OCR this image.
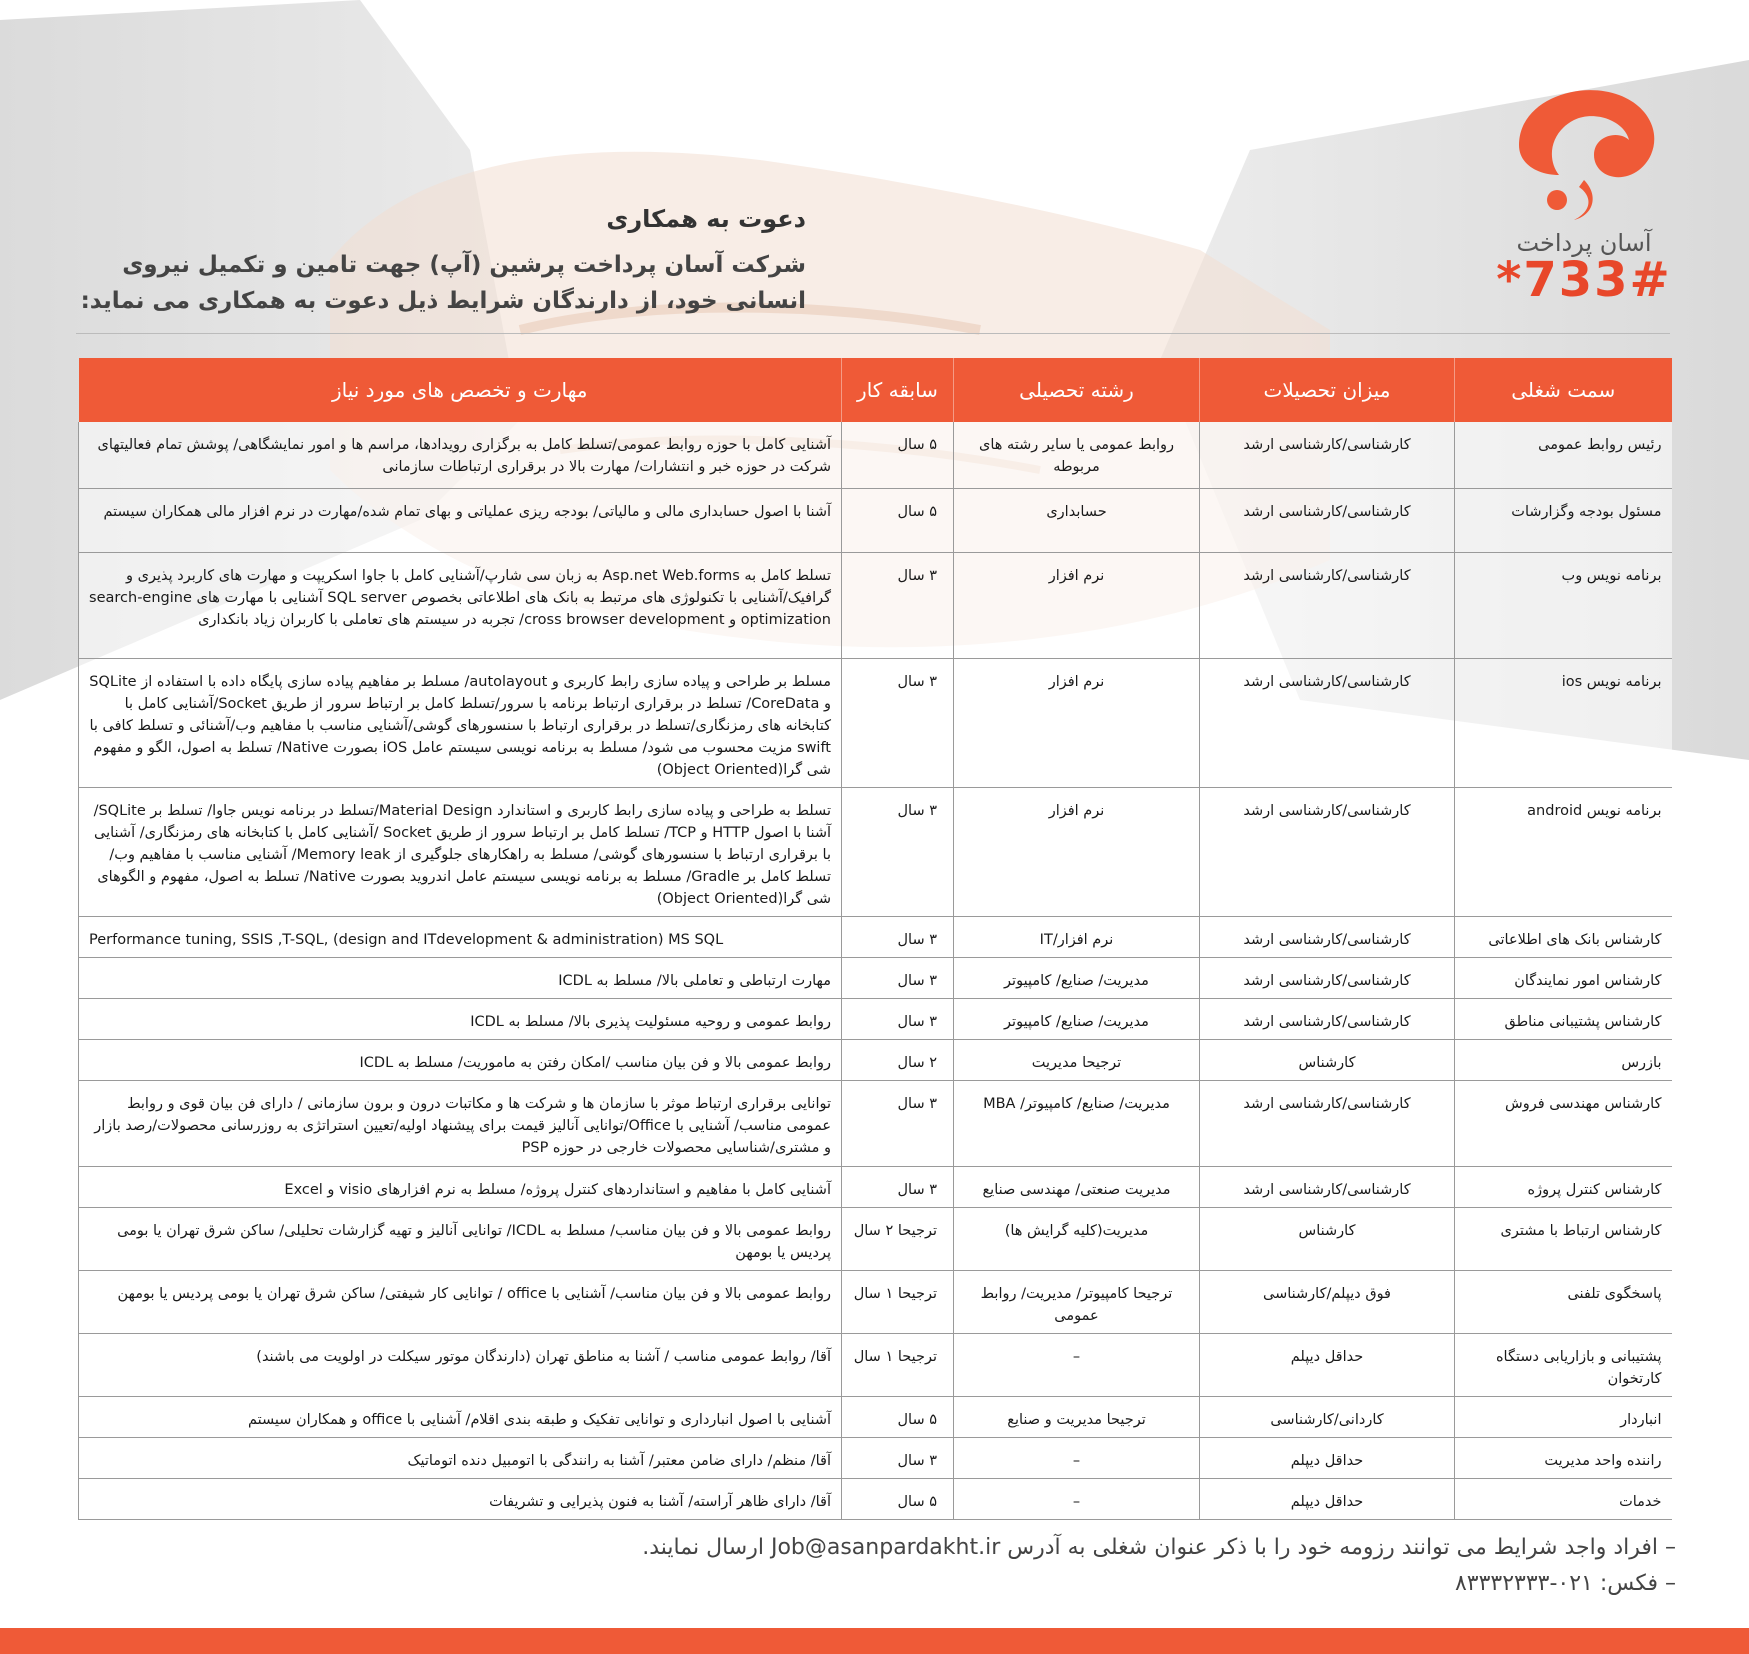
آسان پرداخت
*733#
دعوت به همکاری
شرکت آسان پرداخت پرشین (آپ) جهت تامین و تکمیل نیروی انسانی خود، از دارندگان شرایط ذیل دعوت به همکاری می نماید:
سمت شغلی	میزان تحصیلات	رشته تحصیلی	سابقه کار	مهارت و تخصص های مورد نیاز
رئیس روابط عمومی	کارشناسی/کارشناسی ارشد	روابط عمومی یا سایر رشته های مربوطه	۵ سال	آشنایی کامل با حوزه روابط عمومی/تسلط کامل به برگزاری رویدادها، مراسم ها و امور نمایشگاهی/ پوشش تمام فعالیتهای شرکت در حوزه خبر و انتشارات/ مهارت بالا در برقراری ارتباطات سازمانی
مسئول بودجه وگزارشات	کارشناسی/کارشناسی ارشد	حسابداری	۵ سال	آشنا با اصول حسابداری مالی و مالیاتی/ بودجه ریزی عملیاتی و بهای تمام شده/مهارت در نرم افزار مالی همکاران سیستم
برنامه نویس وب	کارشناسی/کارشناسی ارشد	نرم افزار	۳ سال	تسلط کامل به Asp.net Web.forms به زبان سی شارپ/آشنایی کامل با جاوا اسکریپت و مهارت های کاربرد پذیری و گرافیک/آشنایی با تکنولوژی های مرتبط به بانک های اطلاعاتی بخصوص SQL server آشنایی با مهارت های search-engine optimization و cross browser development/ تجربه در سیستم های تعاملی با کاربران زیاد بانکداری
برنامه نویس ios	کارشناسی/کارشناسی ارشد	نرم افزار	۳ سال	مسلط بر طراحی و پیاده سازی رابط کاربری و autolayout/ مسلط بر مفاهیم پیاده سازی پایگاه داده با استفاده از SQLite و CoreData/ تسلط در برقراری ارتباط برنامه با سرور/تسلط کامل بر ارتباط سرور از طریق Socket/آشنایی کامل با کتابخانه های رمزنگاری/تسلط در برقراری ارتباط با سنسورهای گوشی/آشنایی مناسب با مفاهیم وب/آشنائی و تسلط کافی با swift مزیت محسوب می شود/ مسلط به برنامه نویسی سیستم عامل iOS بصورت Native/ تسلط به اصول، الگو و مفهوم شی گرا(Object Oriented)
برنامه نویس android	کارشناسی/کارشناسی ارشد	نرم افزار	۳ سال	تسلط به طراحی و پیاده سازی رابط کاربری و استاندارد Material Design/تسلط در برنامه نویس جاوا/ تسلط بر SQLite/آشنا با اصول HTTP و TCP/ تسلط کامل بر ارتباط سرور از طریق Socket /آشنایی کامل با کتابخانه های رمزنگاری/ آشنایی با برقراری ارتباط با سنسورهای گوشی/ مسلط به راهکارهای جلوگیری از Memory leak/ آشنایی مناسب با مفاهیم وب/ تسلط کامل بر Gradle/ مسلط به برنامه نویسی سیستم عامل اندروید بصورت Native/ تسلط به اصول، مفهوم و الگوهای شی گرا(Object Oriented)
کارشناس بانک های اطلاعاتی	کارشناسی/کارشناسی ارشد	نرم افزار/IT	۳ سال	Performance tuning, SSIS ,T-SQL, (design and ITdevelopment & administration) MS SQL
کارشناس امور نمایندگان	کارشناسی/کارشناسی ارشد	مدیریت/ صنایع/ کامپیوتر	۳ سال	مهارت ارتباطی و تعاملی بالا/ مسلط به ICDL
کارشناس پشتیبانی مناطق	کارشناسی/کارشناسی ارشد	مدیریت/ صنایع/ کامپیوتر	۳ سال	روابط عمومی و روحیه مسئولیت پذیری بالا/ مسلط به ICDL
بازرس	کارشناس	ترجیحا مدیریت	۲ سال	روابط عمومی بالا و فن بیان مناسب /امکان رفتن به ماموریت/ مسلط به ICDL
کارشناس مهندسی فروش	کارشناسی/کارشناسی ارشد	مدیریت/ صنایع/ کامپیوتر/ MBA	۳ سال	توانایی برقراری ارتباط موثر با سازمان ها و شرکت ها و مکاتبات درون و برون سازمانی / دارای فن بیان قوی و روابط عمومی مناسب/ آشنایی با Office/توانایی آنالیز قیمت برای پیشنهاد اولیه/تعیین استراتژی به روزرسانی محصولات/رصد بازار و مشتری/شناسایی محصولات خارجی در حوزه PSP
کارشناس کنترل پروژه	کارشناسی/کارشناسی ارشد	مدیریت صنعتی/ مهندسی صنایع	۳ سال	آشنایی کامل با مفاهیم و استانداردهای کنترل پروژه/ مسلط به نرم افزارهای visio و Excel
کارشناس ارتباط با مشتری	کارشناس	مدیریت(کلیه گرایش ها)	ترجیحا ۲ سال	روابط عمومی بالا و فن بیان مناسب/ مسلط به ICDL/ توانایی آنالیز و تهیه گزارشات تحلیلی/ ساکن شرق تهران یا بومی پردیس یا بومهن
پاسخگوی تلفنی	فوق دیپلم/کارشناسی	ترجیحا کامپیوتر/ مدیریت/ روابط عمومی	ترجیحا ۱ سال	روابط عمومی بالا و فن بیان مناسب/ آشنایی با office / توانایی کار شیفتی/ ساکن شرق تهران یا بومی پردیس یا بومهن
پشتیبانی و بازاریابی دستگاه کارتخوان	حداقل دیپلم	–	ترجیحا ۱ سال	آقا/ روابط عمومی مناسب / آشنا به مناطق تهران (دارندگان موتور سیکلت در اولویت می باشند)
انباردار	کاردانی/کارشناسی	ترجیحا مدیریت و صنایع	۵ سال	آشنایی با اصول انبارداری و توانایی تفکیک و طبقه بندی اقلام/ آشنایی با office و همکاران سیستم
راننده واحد مدیریت	حداقل دیپلم	–	۳ سال	آقا/ منظم/ دارای ضامن معتبر/ آشنا به رانندگی با اتومبیل دنده اتوماتیک
خدمات	حداقل دیپلم	–	۵ سال	آقا/ دارای ظاهر آراسته/ آشنا به فنون پذیرایی و تشریفات
– افراد واجد شرایط می توانند رزومه خود را با ذکر عنوان شغلی به آدرس Job@asanpardakht.ir ارسال نمایند.
– فکس: ۰۲۱-۸۳۳۳۲۳۳۳
